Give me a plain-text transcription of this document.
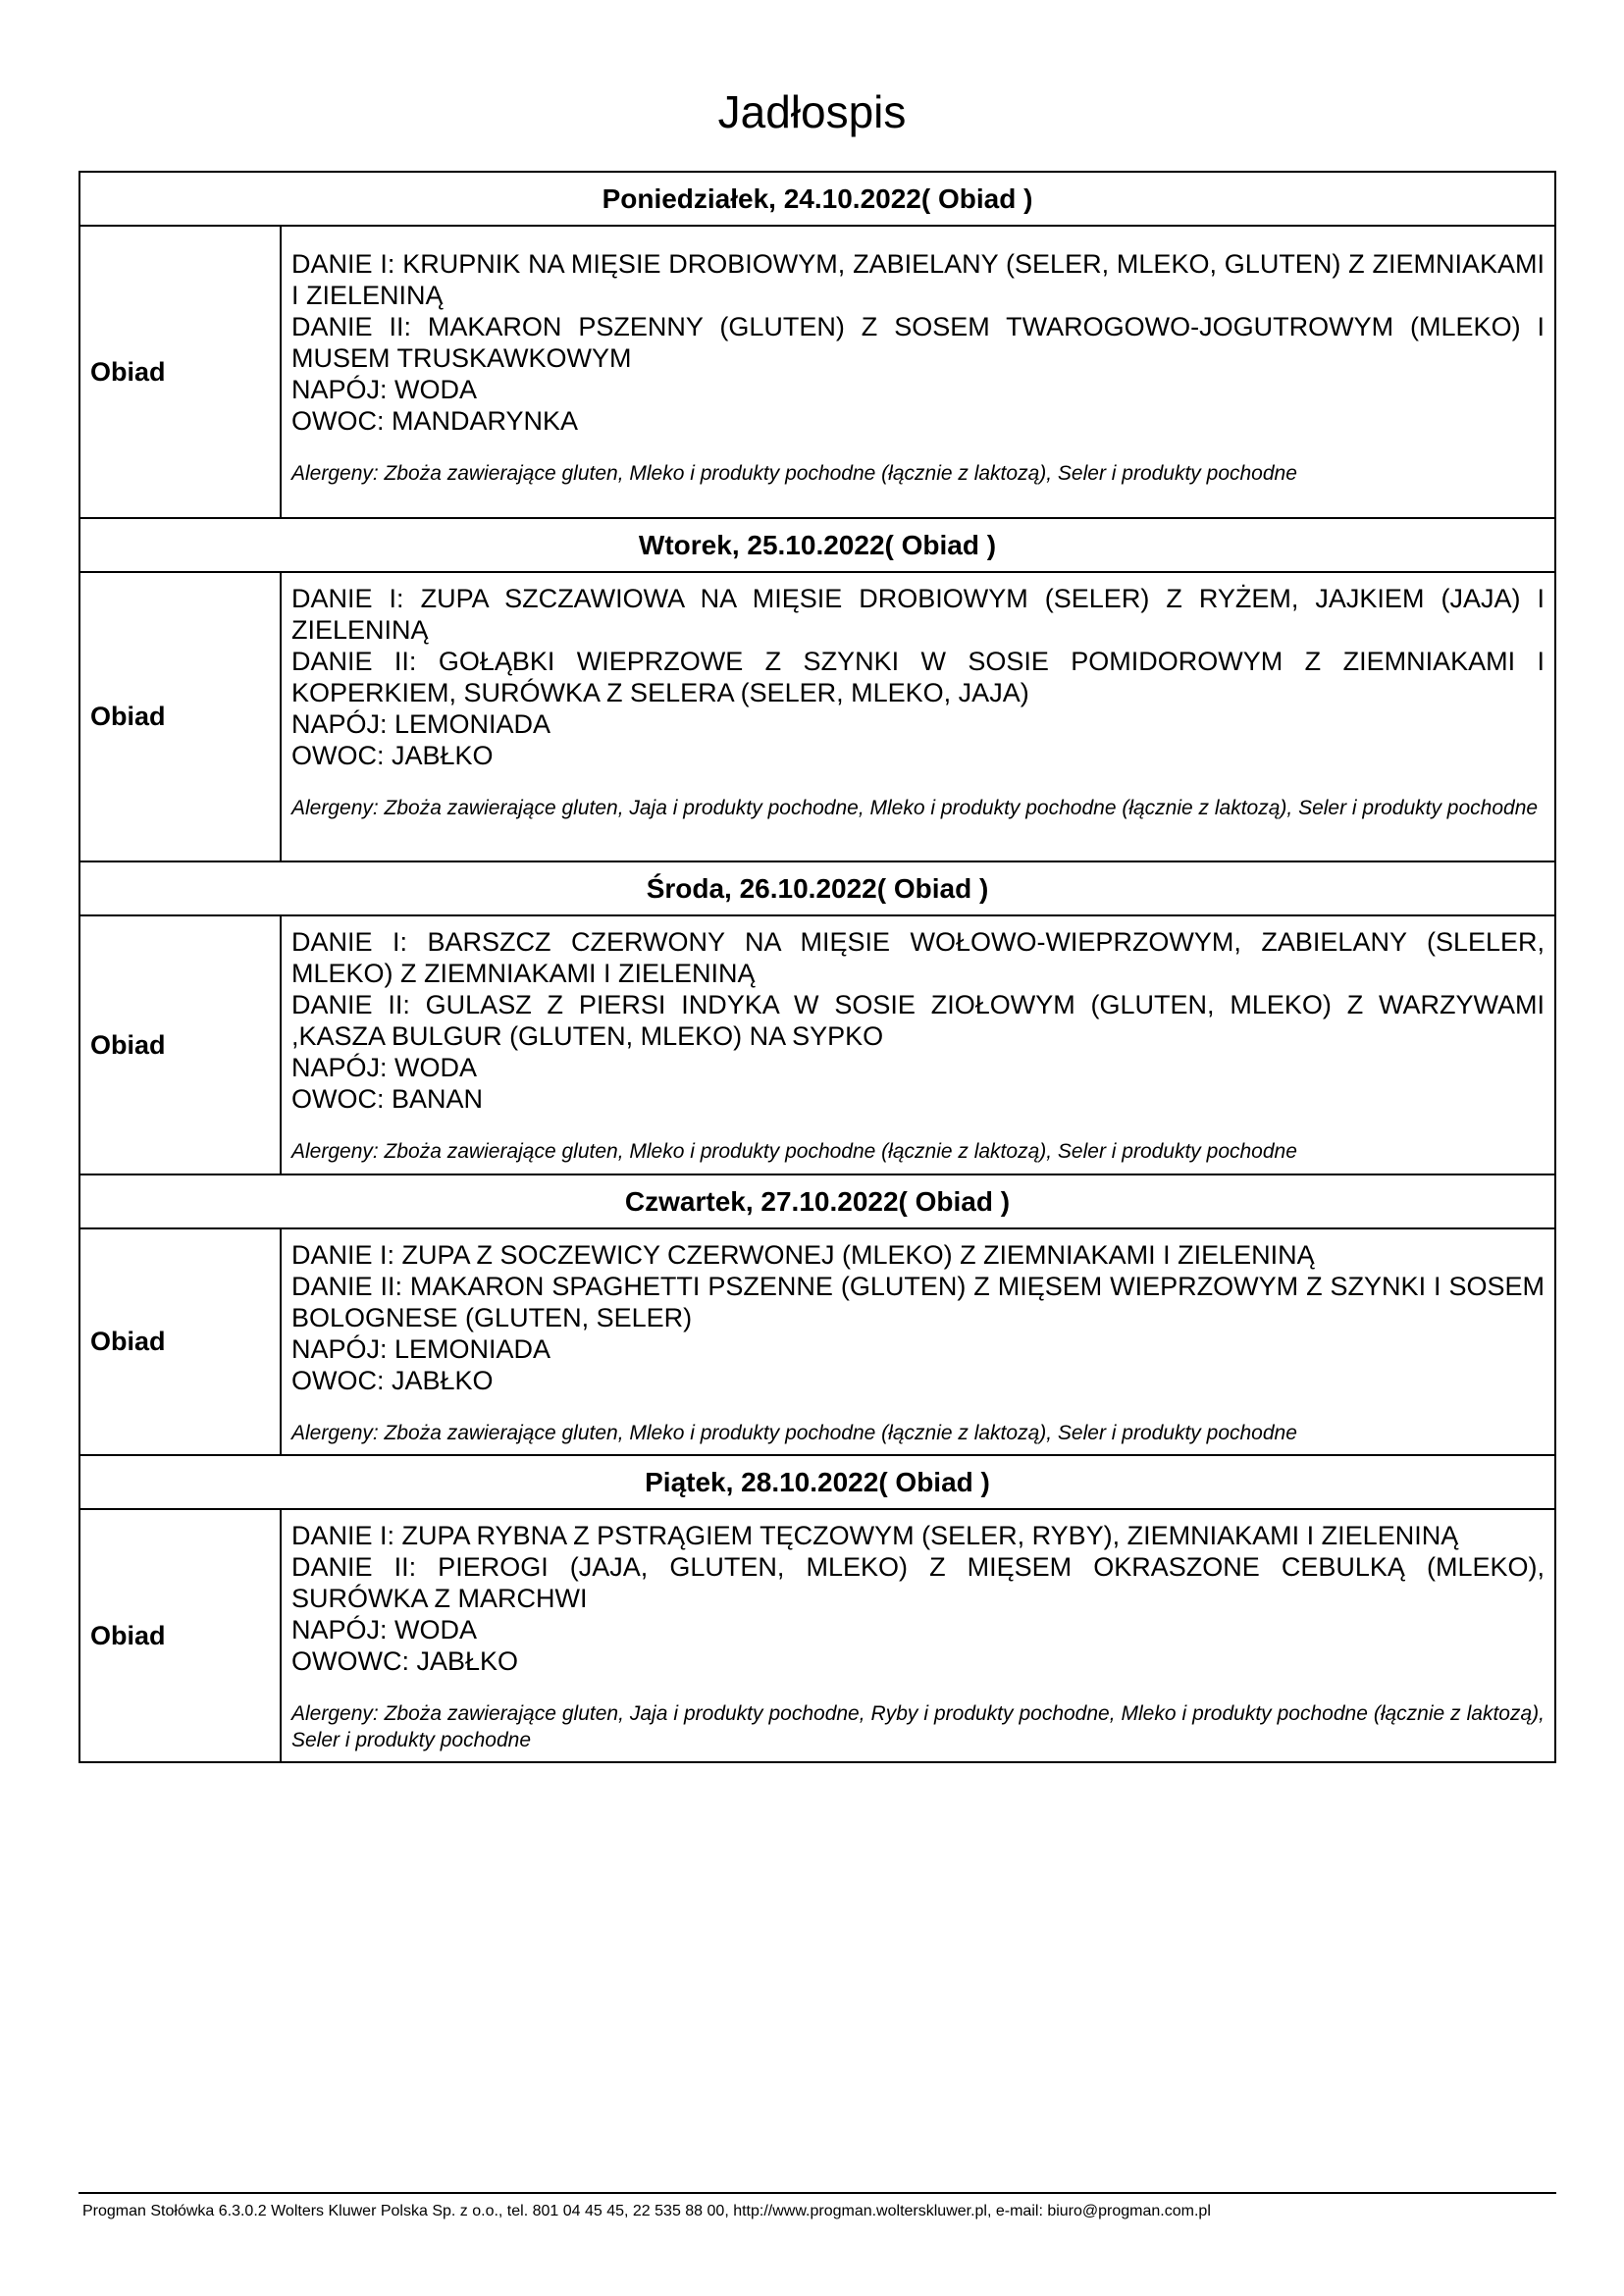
Jadłospis
Poniedziałek, 24.10.2022( Obiad )	
Obiad	DANIE I: KRUPNIK NA MIĘSIE DROBIOWYM, ZABIELANY (SELER, MLEKO, GLUTEN) Z ZIEMNIAKAMI I ZIELENINĄ
DANIE II: MAKARON PSZENNY (GLUTEN) Z SOSEM TWAROGOWO-JOGUTROWYM (MLEKO) I MUSEM TRUSKAWKOWYM
NAPÓJ: WODA
OWOC: MANDARYNKA
Alergeny: Zboża zawierające gluten, Mleko i produkty pochodne (łącznie z laktozą), Seler i produkty pochodne

Wtorek, 25.10.2022( Obiad )	
Obiad	DANIE I: ZUPA SZCZAWIOWA NA MIĘSIE DROBIOWYM (SELER) Z RYŻEM, JAJKIEM (JAJA) I ZIELENINĄ
DANIE II: GOŁĄBKI WIEPRZOWE Z SZYNKI W SOSIE POMIDOROWYM Z ZIEMNIAKAMI I KOPERKIEM, SURÓWKA Z SELERA (SELER, MLEKO, JAJA)
NAPÓJ: LEMONIADA
OWOC: JABŁKO
Alergeny: Zboża zawierające gluten, Jaja i produkty pochodne, Mleko i produkty pochodne (łącznie z laktozą), Seler i produkty pochodne

Środa, 26.10.2022( Obiad )	
Obiad	DANIE I: BARSZCZ CZERWONY NA MIĘSIE WOŁOWO-WIEPRZOWYM, ZABIELANY (SLELER, MLEKO) Z ZIEMNIAKAMI I ZIELENINĄ
DANIE II: GULASZ Z PIERSI INDYKA W SOSIE ZIOŁOWYM (GLUTEN, MLEKO) Z WARZYWAMI ,KASZA BULGUR (GLUTEN, MLEKO) NA SYPKO
NAPÓJ: WODA
OWOC: BANAN
Alergeny: Zboża zawierające gluten, Mleko i produkty pochodne (łącznie z laktozą), Seler i produkty pochodne

Czwartek, 27.10.2022( Obiad )	
Obiad	DANIE I: ZUPA Z SOCZEWICY CZERWONEJ (MLEKO) Z ZIEMNIAKAMI I ZIELENINĄ
DANIE II: MAKARON SPAGHETTI PSZENNE (GLUTEN) Z MIĘSEM WIEPRZOWYM Z SZYNKI I SOSEM BOLOGNESE (GLUTEN, SELER)
NAPÓJ: LEMONIADA
OWOC: JABŁKO
Alergeny: Zboża zawierające gluten, Mleko i produkty pochodne (łącznie z laktozą), Seler i produkty pochodne

Piątek, 28.10.2022( Obiad )	
Obiad	DANIE I: ZUPA RYBNA Z PSTRĄGIEM TĘCZOWYM (SELER, RYBY), ZIEMNIAKAMI I ZIELENINĄ
DANIE II: PIEROGI (JAJA, GLUTEN, MLEKO) Z MIĘSEM OKRASZONE CEBULKĄ (MLEKO), SURÓWKA Z MARCHWI
NAPÓJ: WODA
OWOWC: JABŁKO
Alergeny: Zboża zawierające gluten, Jaja i produkty pochodne, Ryby i produkty pochodne, Mleko i produkty pochodne (łącznie z laktozą), Seler i produkty pochodne
Progman Stołówka 6.3.0.2 Wolters Kluwer Polska Sp. z o.o., tel. 801 04 45 45, 22 535 88 00, http://www.progman.wolterskluwer.pl, e-mail: biuro@progman.com.pl
